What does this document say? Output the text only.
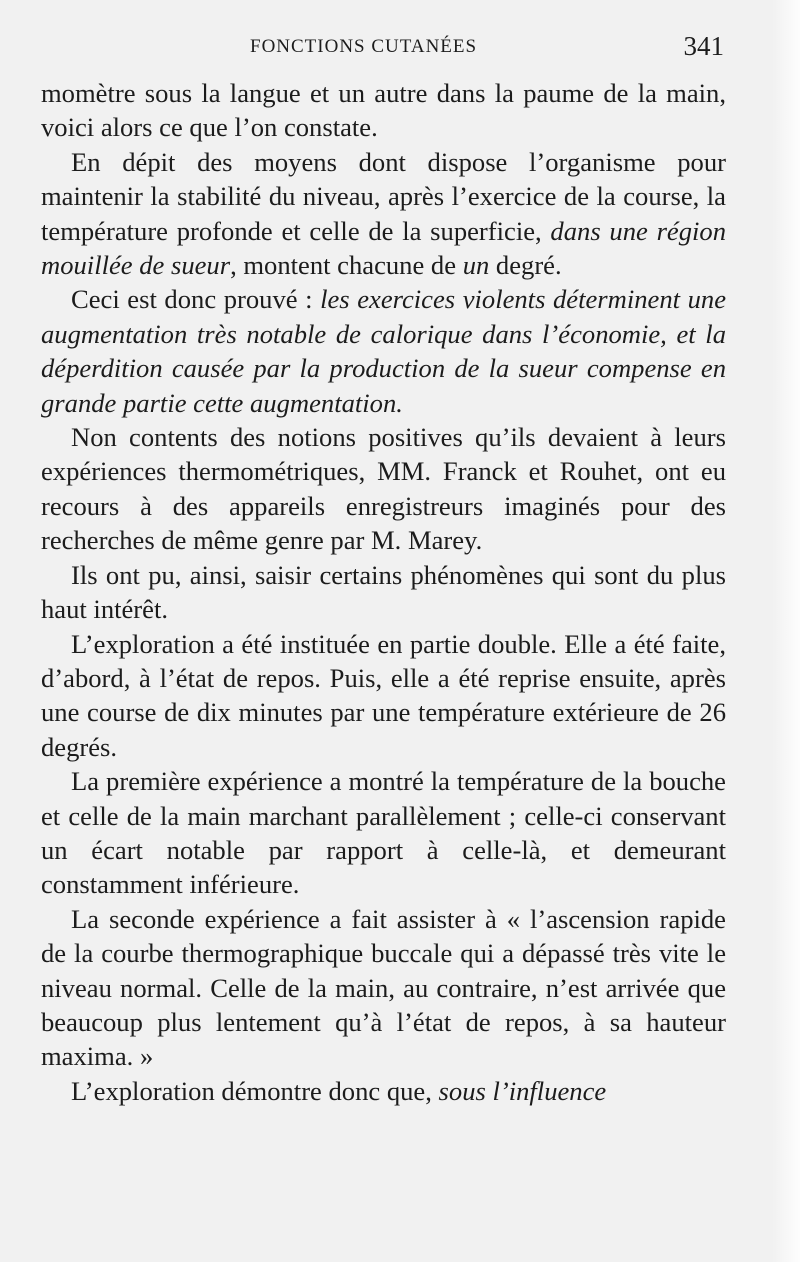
FONCTIONS CUTANÉES	341

momètre sous la langue et un autre dans la paume de la main, voici alors ce que l’on constate.

En dépit des moyens dont dispose l’organisme pour maintenir la stabilité du niveau, après l’exercice de la course, la température profonde et celle de la superficie, dans une région mouillée de sueur, montent chacune de un degré.

Ceci est donc prouvé : les exercices violents déterminent une augmentation très notable de calorique dans l’économie, et la déperdition causée par la production de la sueur compense en grande partie cette augmentation.

Non contents des notions positives qu’ils devaient à leurs expériences thermométriques, MM. Franck et Rouhet, ont eu recours à des appareils enregistreurs imaginés pour des recherches de même genre par M. Marey.

Ils ont pu, ainsi, saisir certains phénomènes qui sont du plus haut intérêt.

L’exploration a été instituée en partie double. Elle a été faite, d’abord, à l’état de repos. Puis, elle a été reprise ensuite, après une course de dix minutes par une température extérieure de 26 degrés.

La première expérience a montré la température de la bouche et celle de la main marchant parallèlement ; celle-ci conservant un écart notable par rapport à celle-là, et demeurant constamment inférieure.

La seconde expérience a fait assister à « l’ascension rapide de la courbe thermographique buccale qui a dépassé très vite le niveau normal. Celle de la main, au contraire, n’est arrivée que beaucoup plus lentement qu’à l’état de repos, à sa hauteur maxima. »

L’exploration démontre donc que, sous l’influence
